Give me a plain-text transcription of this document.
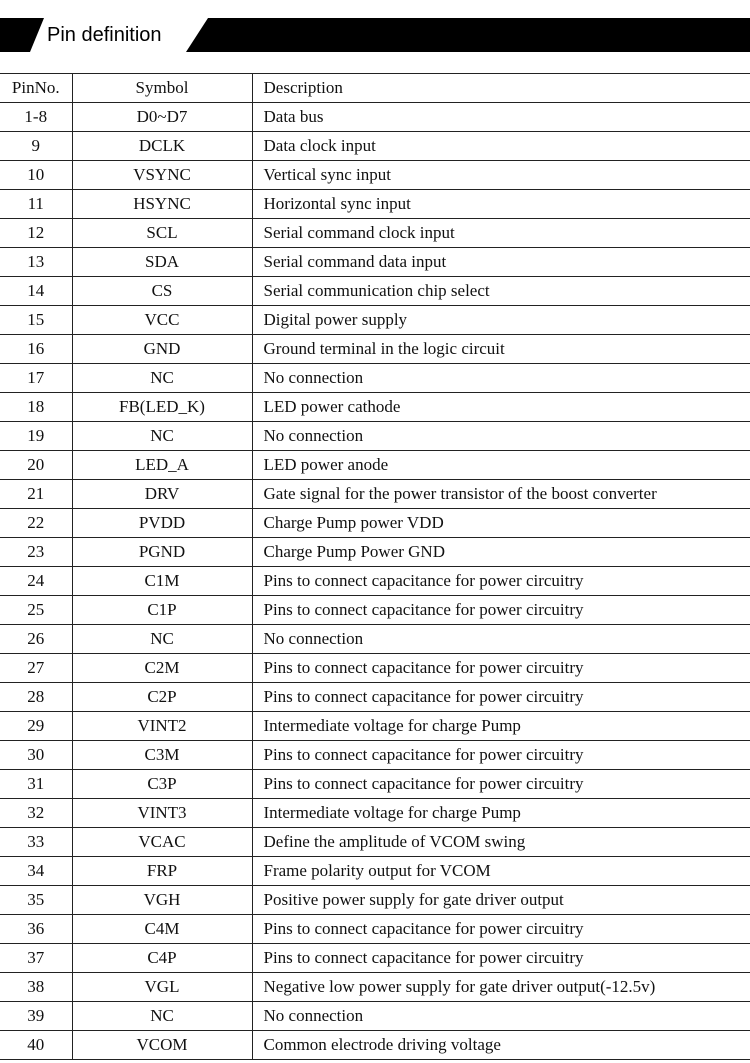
Pin definition
PinNo.	Symbol	Description
1-8	D0~D7	Data bus
9	DCLK	Data clock input
10	VSYNC	Vertical sync input
11	HSYNC	Horizontal sync input
12	SCL	Serial command clock input
13	SDA	Serial command data input
14	CS	Serial communication chip select
15	VCC	Digital power supply
16	GND	Ground terminal in the logic circuit
17	NC	No connection
18	FB(LED_K)	LED power cathode
19	NC	No connection
20	LED_A	LED power anode
21	DRV	Gate signal for the power transistor of the boost converter
22	PVDD	Charge Pump power VDD
23	PGND	Charge Pump Power GND
24	C1M	Pins to connect capacitance for power circuitry
25	C1P	Pins to connect capacitance for power circuitry
26	NC	No connection
27	C2M	Pins to connect capacitance for power circuitry
28	C2P	Pins to connect capacitance for power circuitry
29	VINT2	Intermediate voltage for charge Pump
30	C3M	Pins to connect capacitance for power circuitry
31	C3P	Pins to connect capacitance for power circuitry
32	VINT3	Intermediate voltage for charge Pump
33	VCAC	Define the amplitude of VCOM swing
34	FRP	Frame polarity output for VCOM
35	VGH	Positive power supply for gate driver output
36	C4M	Pins to connect capacitance for power circuitry
37	C4P	Pins to connect capacitance for power circuitry
38	VGL	Negative low power supply for gate driver output(-12.5v)
39	NC	No connection
40	VCOM	Common electrode driving voltage
